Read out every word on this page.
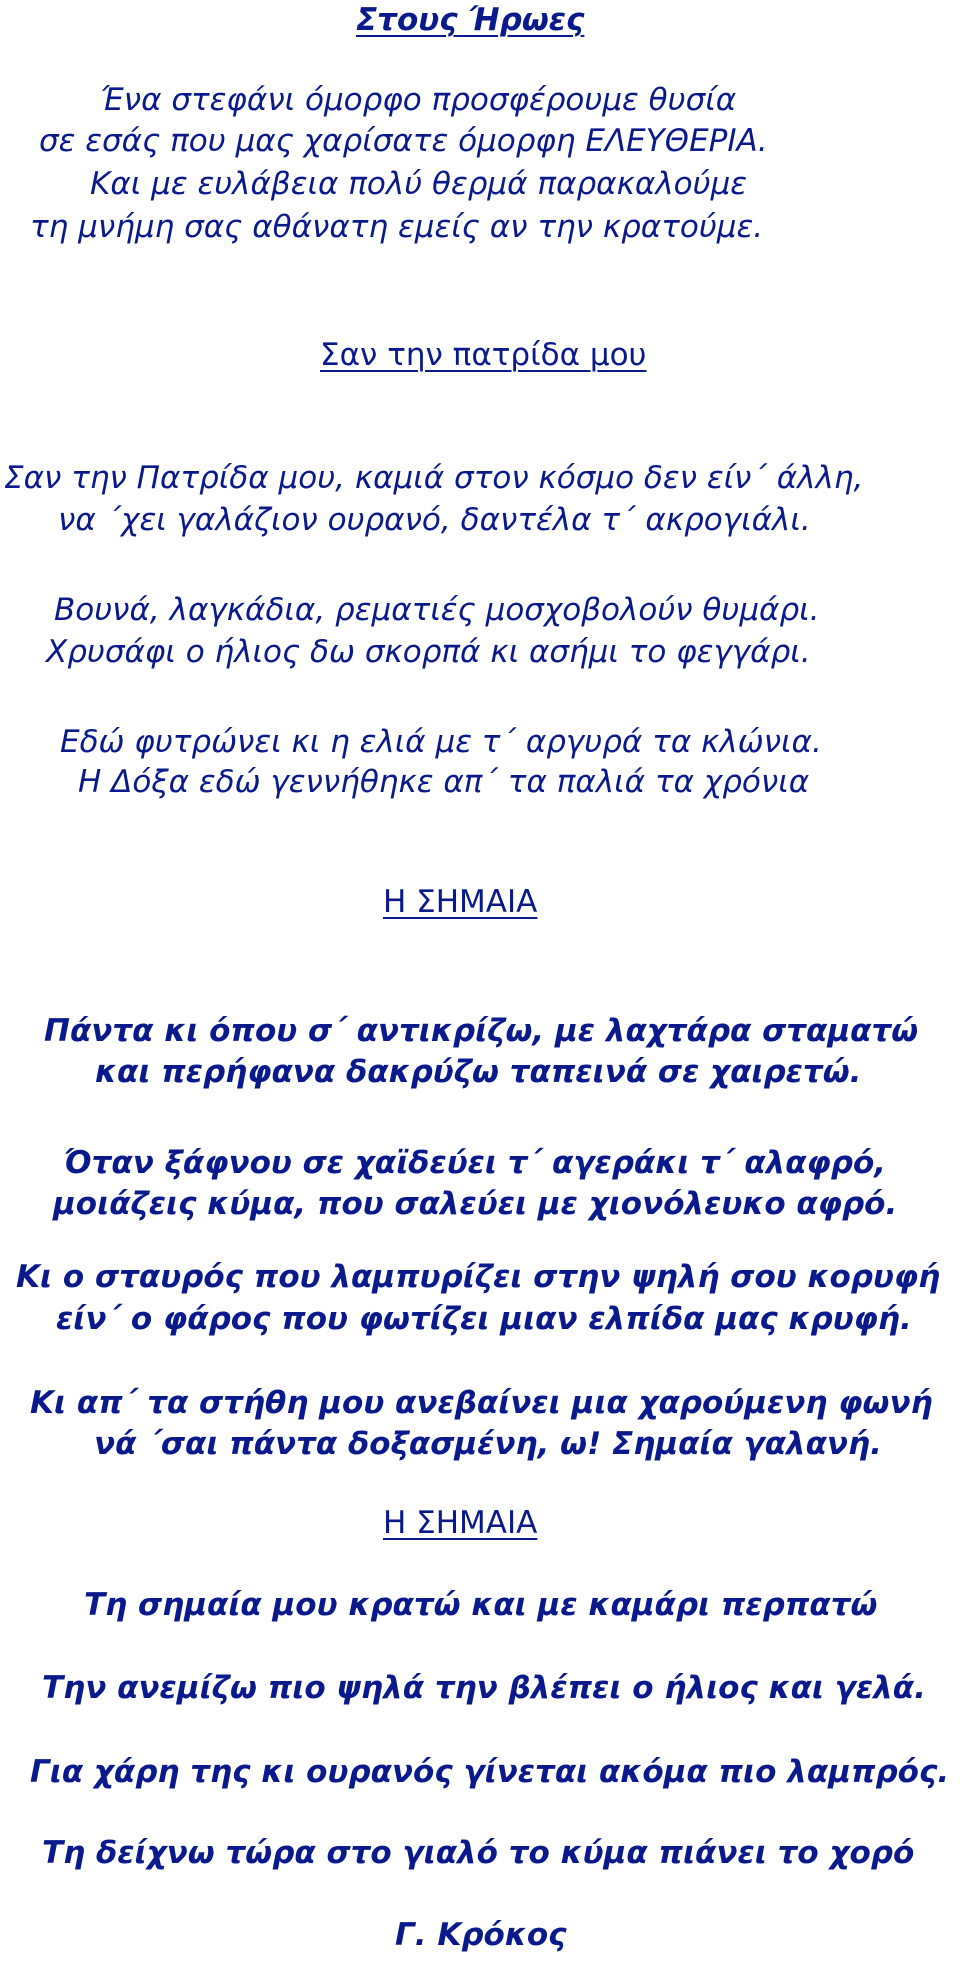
Στους Ήρωες
Ένα στεφάνι όμορφο προσφέρουμε θυσία
σε εσάς που μας χαρίσατε όμορφη ΕΛΕΥΘΕΡΙΑ.
Και με ευλάβεια πολύ θερμά παρακαλούμε
τη μνήμη σας αθάνατη εμείς αν την κρατούμε.
Σαν την πατρίδα μου
Σαν την Πατρίδα μου, καμιά στον κόσμο δεν είν΄ άλλη,
να ΄χει γαλάζιον ουρανό, δαντέλα τ΄ ακρογιάλι.
Βουνά, λαγκάδια, ρεματιές μοσχοβολούν θυμάρι.
Χρυσάφι ο ήλιος δω σκορπά κι ασήμι το φεγγάρι.
Εδώ φυτρώνει κι η ελιά με τ΄ αργυρά τα κλώνια.
Η Δόξα εδώ γεννήθηκε απ΄ τα παλιά τα χρόνια
Η ΣΗΜΑΙΑ
Πάντα κι όπου σ΄ αντικρίζω, με λαχτάρα σταματώ
και περήφανα δακρύζω ταπεινά σε χαιρετώ.
Όταν ξάφνου σε χαϊδεύει τ΄ αγεράκι τ΄ αλαφρό,
μοιάζεις κύμα, που σαλεύει με χιονόλευκο αφρό.
Κι ο σταυρός που λαμπυρίζει στην ψηλή σου κορυφή
είν΄ ο φάρος που φωτίζει μιαν ελπίδα μας κρυφή.
Κι απ΄ τα στήθη μου ανεβαίνει μια χαρούμενη φωνή
νά ΄σαι πάντα δοξασμένη, ω! Σημαία γαλανή.
Η ΣΗΜΑΙΑ
Τη σημαία μου κρατώ και με καμάρι περπατώ
Την ανεμίζω πιο ψηλά την βλέπει ο ήλιος και γελά.
Για χάρη της κι ουρανός γίνεται ακόμα πιο λαμπρός.
Τη δείχνω τώρα στο γιαλό το κύμα πιάνει το χορό
Γ. Κρόκος
